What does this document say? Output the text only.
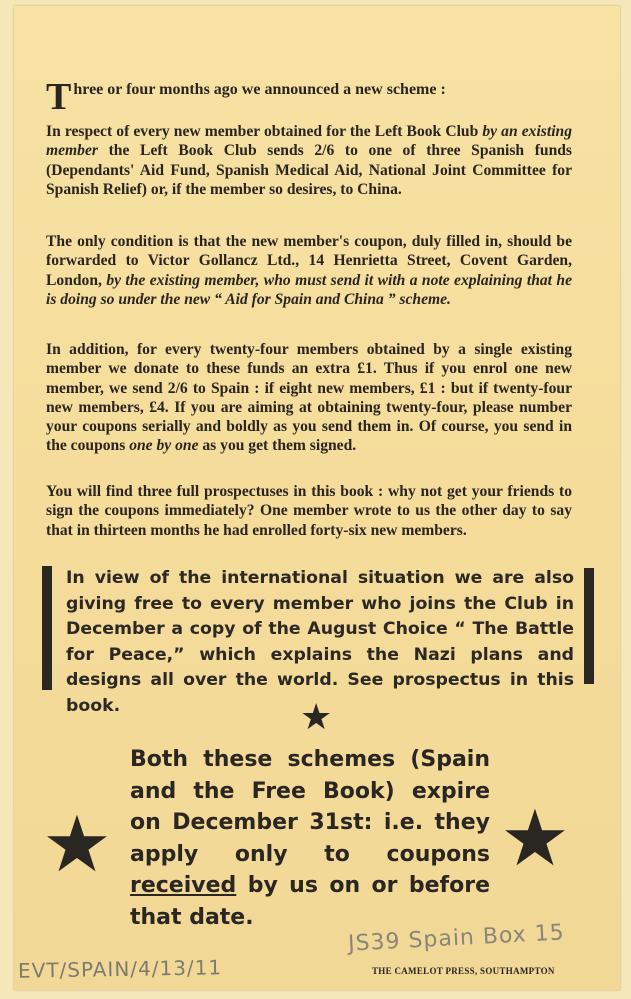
Three or four months ago we announced a new scheme :
In respect of every new member obtained for the Left Book Club by an existing member the Left Book Club sends 2/6 to one of three Spanish funds (Dependants' Aid Fund, Spanish Medical Aid, National Joint Committee for Spanish Relief) or, if the member so desires, to China.
The only condition is that the new member's coupon, duly filled in, should be forwarded to Victor Gollancz Ltd., 14 Henrietta Street, Covent Garden, London, by the existing member, who must send it with a note explaining that he is doing so under the new “ Aid for Spain and China ” scheme.
In addition, for every twenty-four members obtained by a single existing member we donate to these funds an extra £1. Thus if you enrol one new member, we send 2/6 to Spain : if eight new members, £1 : but if twenty-four new members, £4. If you are aiming at obtaining twenty-four, please number your coupons serially and boldly as you send them in. Of course, you send in the coupons one by one as you get them signed.
You will find three full prospectuses in this book : why not get your friends to sign the coupons immediately? One member wrote to us the other day to say that in thirteen months he had enrolled forty-six new members.
In view of the international situation we are also giving free to every member who joins the Club in December a copy of the August Choice “ The Battle for Peace,” which explains the Nazi plans and designs all over the world. See prospectus in this book.	★
★	★
Both these schemes (Spain and the Free Book) expire on December 31st: i.e. they apply only to coupons received by us on or before that date.
JS39 Spain Box 15
EVT/SPAIN/4/13/11	THE CAMELOT PRESS, SOUTHAMPTON
